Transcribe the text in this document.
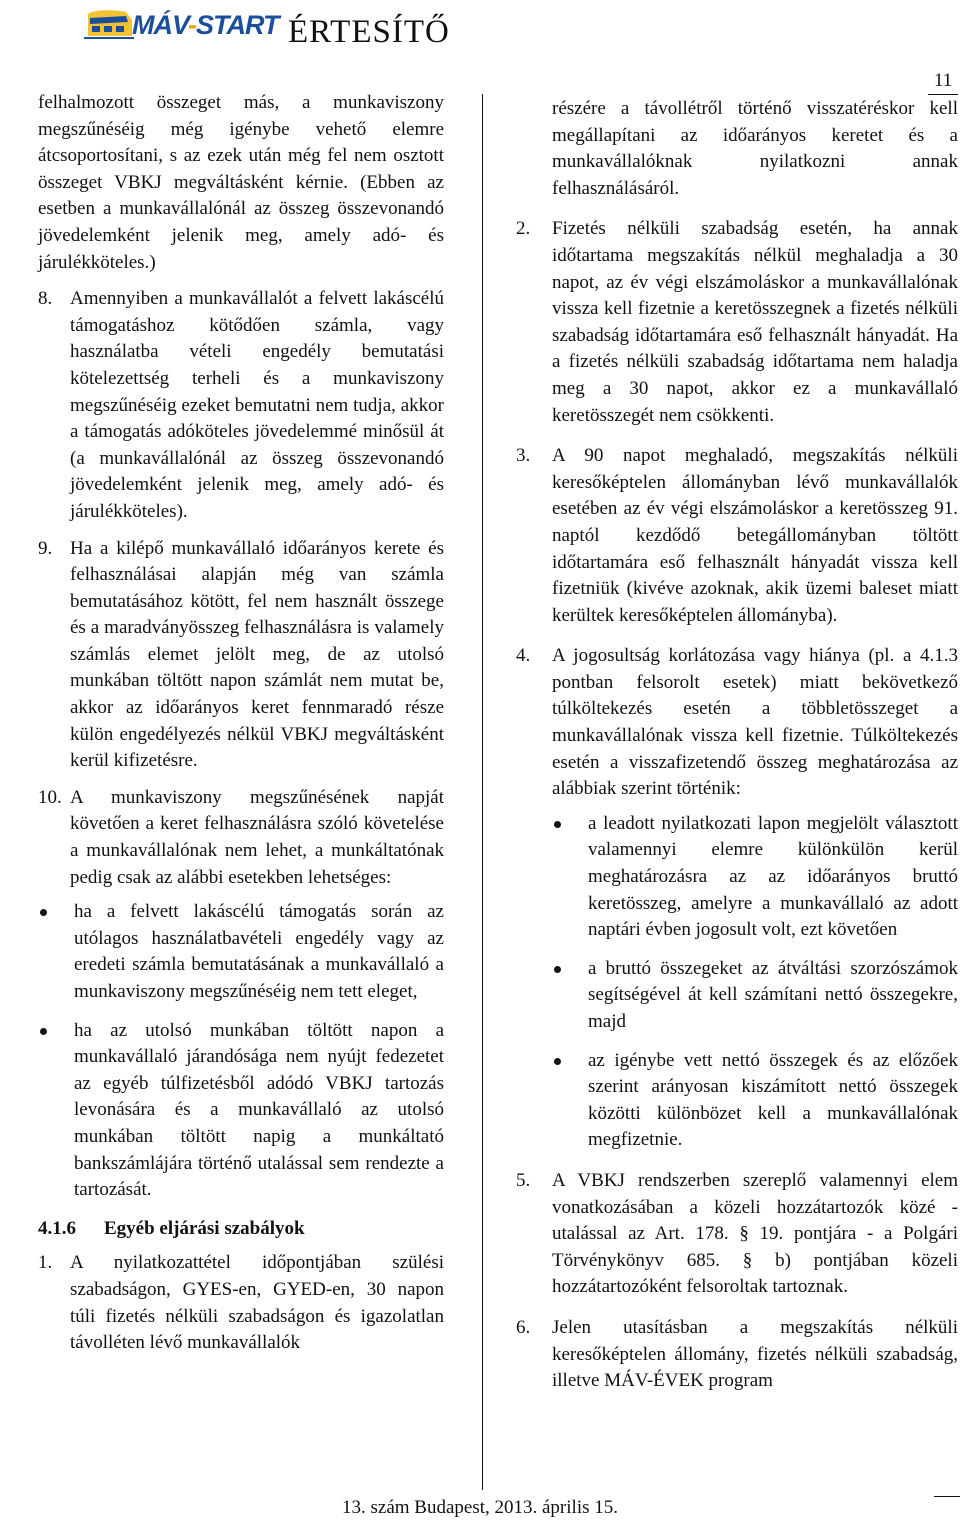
MÁV-START ÉRTESÍTŐ
11

felhalmozott összeget más, a munkaviszony megszűnéséig még igénybe vehető elemre átcsoportosítani, s az ezek után még fel nem osztott összeget VBKJ megváltásként kérnie. (Ebben az esetben a munkavállalónál az összeg összevonandó jövedelemként jelenik meg, amely adó- és járulékköteles.)

8. Amennyiben a munkavállalót a felvett lakáscélú támogatáshoz kötődően számla, vagy használatba vételi engedély bemutatási kötelezettség terheli és a munkaviszony megszűnéséig ezeket bemutatni nem tudja, akkor a támogatás adóköteles jövedelemmé minősül át (a munkavállalónál az összeg összevonandó jövedelemként jelenik meg, amely adó- és járulékköteles).
9. Ha a kilépő munkavállaló időarányos kerete és felhasználásai alapján még van számla bemutatásához kötött, fel nem használt összege és a maradványösszeg felhasználásra is valamely számlás elemet jelölt meg, de az utolsó munkában töltött napon számlát nem mutat be, akkor az időarányos keret fennmaradó része külön engedélyezés nélkül VBKJ megváltásként kerül kifizetésre.
10. A munkaviszony megszűnésének napját követően a keret felhasználásra szóló követelése a munkavállalónak nem lehet, a munkáltatónak pedig csak az alábbi esetekben lehetséges:
ha a felvett lakáscélú támogatás során az utólagos használatbavételi engedély vagy az eredeti számla bemutatásának a munkavállaló a munkaviszony megszűnéséig nem tett eleget,
ha az utolsó munkában töltött napon a munkavállaló járandósága nem nyújt fedezetet az egyéb túlfizetésből adódó VBKJ tartozás levonására és a munkavállaló az utolsó munkában töltött napig a munkáltató bankszámlájára történő utalással sem rendezte a tartozását.
4.1.6	Egyéb eljárási szabályok
1. A nyilatkozattétel időpontjában szülési szabadságon, GYES-en, GYED-en, 30 napon túli fizetés nélküli szabadságon és igazolatlan távolléten lévő munkavállalók

részére a távollétről történő visszatéréskor kell megállapítani az időarányos keretet és a munkavállalóknak nyilatkozni annak felhasználásáról.

2.	Fizetés nélküli szabadság esetén, ha annak időtartama megszakítás nélkül meghaladja a 30 napot, az év végi elszámoláskor a munkavállalónak vissza kell fizetnie a keretösszegnek a fizetés nélküli szabadság időtartamára eső felhasznált hányadát. Ha a fizetés nélküli szabadság időtartama nem haladja meg a 30 napot, akkor ez a munkavállaló keretösszegét nem csökkenti.
3.	A 90 napot meghaladó, megszakítás nélküli keresőképtelen állományban lévő munkavállalók esetében az év végi elszámoláskor a keretösszeg 91. naptól kezdődő betegállományban töltött időtartamára eső felhasznált hányadát vissza kell fizetniük (kivéve azoknak, akik üzemi baleset miatt kerültek keresőképtelen állományba).
4.	A jogosultság korlátozása vagy hiánya (pl. a 4.1.3 pontban felsorolt esetek) miatt bekövetkező túlköltekezés esetén a többletösszeget a munkavállalónak vissza kell fizetnie. Túlköltekezés esetén a visszafizetendő összeg meghatározása az alábbiak szerint történik:
a leadott nyilatkozati lapon megjelölt választott valamennyi elemre különkülön kerül meghatározásra az az időarányos bruttó keretösszeg, amelyre a munkavállaló az adott naptári évben jogosult volt, ezt követően
a bruttó összegeket az átváltási szorzószámok segítségével át kell számítani nettó összegekre, majd
az igénybe vett nettó összegek és az előzőek szerint arányosan kiszámított nettó összegek közötti különbözet kell a munkavállalónak megfizetnie.
5.	A VBKJ rendszerben szereplő valamennyi elem vonatkozásában a közeli hozzátartozók közé - utalással az Art. 178. § 19. pontjára - a Polgári Törvénykönyv 685. § b) pontjában közeli hozzátartozóként felsoroltak tartoznak.
6.	Jelen utasításban a megszakítás nélküli keresőképtelen állomány, fizetés nélküli szabadság, illetve MÁV-ÉVEK program
13. szám Budapest, 2013. április 15.
